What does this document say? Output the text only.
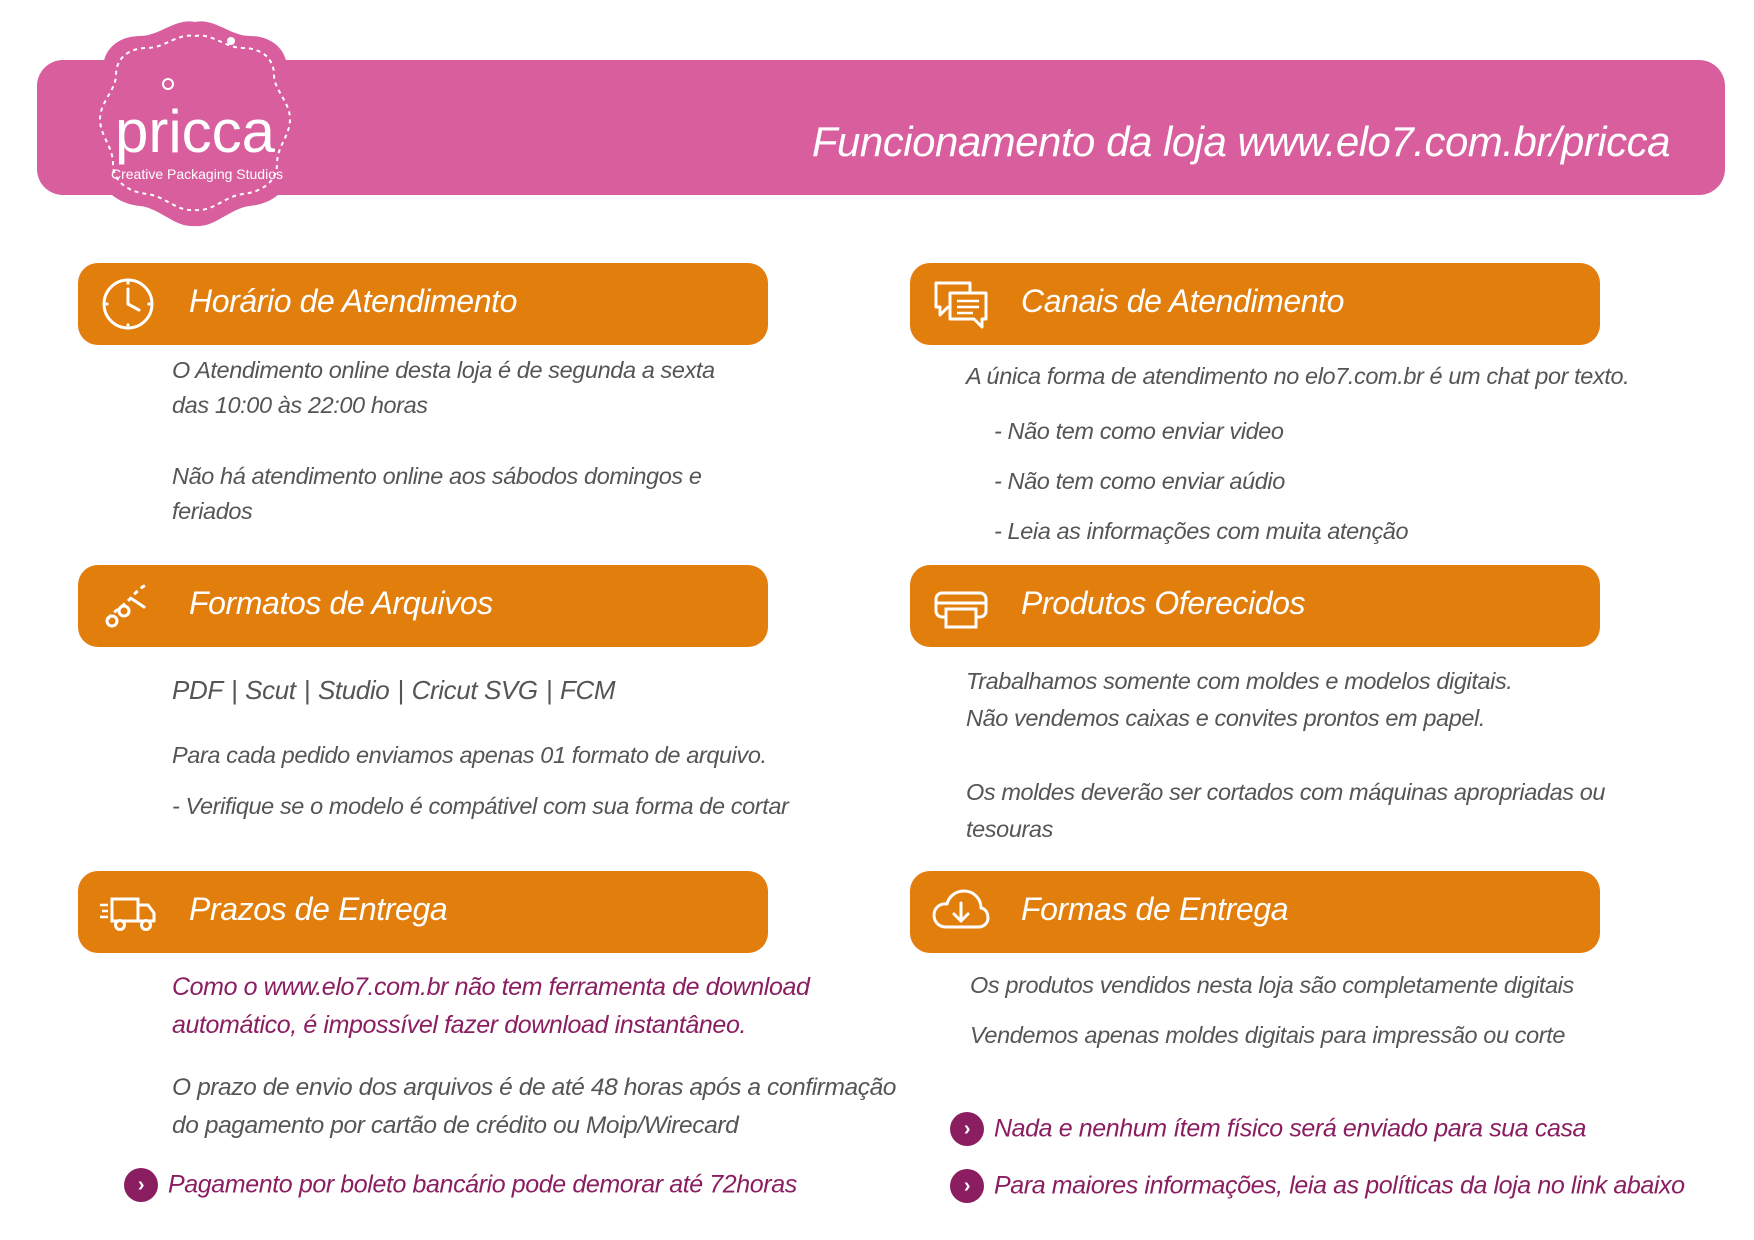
pricca
Creative Packaging Studios
Funcionamento da loja www.elo7.com.br/pricca
Horário de Atendimento
O Atendimento online desta loja é de segunda a sexta
das 10:00 às 22:00 horas
Não há atendimento online aos sábodos domingos e
feriados
Canais de Atendimento
A única forma de atendimento no elo7.com.br é um chat por texto.
- Não tem como enviar video
- Não tem como enviar aúdio
- Leia as informações com muita atenção
Formatos de Arquivos
PDF | Scut | Studio | Cricut SVG | FCM
Para cada pedido enviamos apenas 01 formato de arquivo.
- Verifique se o modelo é compátivel com sua forma de cortar
Produtos Oferecidos
Trabalhamos somente com moldes e modelos digitais.
Não vendemos caixas e convites prontos em papel.
Os moldes deverão ser cortados com máquinas apropriadas ou
tesouras
Prazos de Entrega
Como o www.elo7.com.br não tem ferramenta de download
automático, é impossível fazer download instantâneo.
O prazo de envio dos arquivos é de até 48 horas após a confirmação
do pagamento por cartão de crédito ou Moip/Wirecard
› Pagamento por boleto bancário pode demorar até 72horas
Formas de Entrega
Os produtos vendidos nesta loja são completamente digitais
Vendemos apenas moldes digitais para impressão ou corte
› Nada e nenhum ítem físico será enviado para sua casa
› Para maiores informações, leia as políticas da loja no link abaixo
